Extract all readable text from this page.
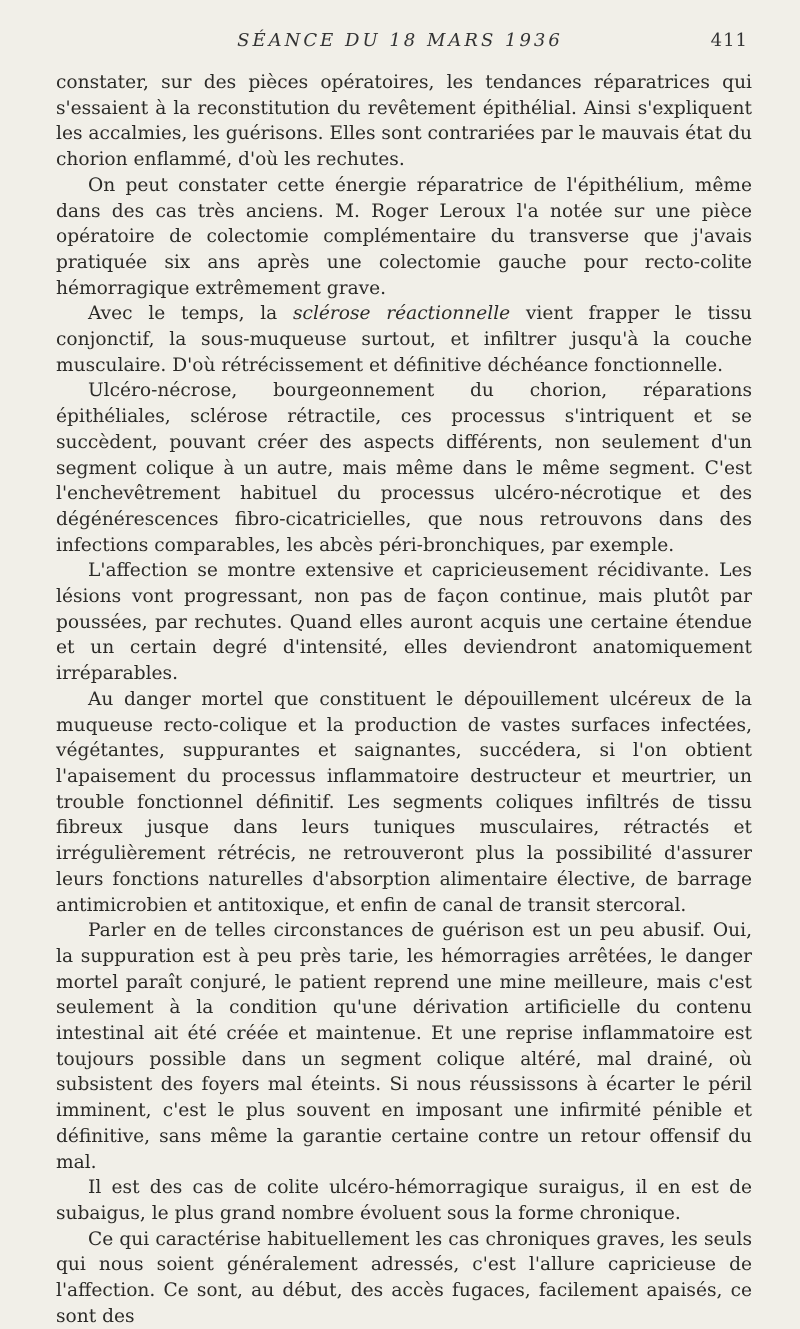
SÉANCE DU 18 MARS 1936	411

constater, sur des pièces opératoires, les tendances réparatrices qui s'essaient à la reconstitution du revêtement épithélial. Ainsi s'expliquent les accalmies, les guérisons. Elles sont contrariées par le mauvais état du chorion enflammé, d'où les rechutes.

On peut constater cette énergie réparatrice de l'épithélium, même dans des cas très anciens. M. Roger Leroux l'a notée sur une pièce opératoire de colectomie complémentaire du transverse que j'avais pratiquée six ans après une colectomie gauche pour recto-colite hémorragique extrêmement grave.

Avec le temps, la sclérose réactionnelle vient frapper le tissu conjonctif, la sous-muqueuse surtout, et infiltrer jusqu'à la couche musculaire. D'où rétrécissement et définitive déchéance fonctionnelle.

Ulcéro-nécrose, bourgeonnement du chorion, réparations épithéliales, sclérose rétractile, ces processus s'intriquent et se succèdent, pouvant créer des aspects différents, non seulement d'un segment colique à un autre, mais même dans le même segment. C'est l'enchevêtrement habituel du processus ulcéro-nécrotique et des dégénérescences fibro-cicatricielles, que nous retrouvons dans des infections comparables, les abcès péri-bronchiques, par exemple.

L'affection se montre extensive et capricieusement récidivante. Les lésions vont progressant, non pas de façon continue, mais plutôt par poussées, par rechutes. Quand elles auront acquis une certaine étendue et un certain degré d'intensité, elles deviendront anatomiquement irréparables.

Au danger mortel que constituent le dépouillement ulcéreux de la muqueuse recto-colique et la production de vastes surfaces infectées, végétantes, suppurantes et saignantes, succédera, si l'on obtient l'apaisement du processus inflammatoire destructeur et meurtrier, un trouble fonctionnel définitif. Les segments coliques infiltrés de tissu fibreux jusque dans leurs tuniques musculaires, rétractés et irrégulièrement rétrécis, ne retrouveront plus la possibilité d'assurer leurs fonctions naturelles d'absorption alimentaire élective, de barrage antimicrobien et antitoxique, et enfin de canal de transit stercoral.

Parler en de telles circonstances de guérison est un peu abusif. Oui, la suppuration est à peu près tarie, les hémorragies arrêtées, le danger mortel paraît conjuré, le patient reprend une mine meilleure, mais c'est seulement à la condition qu'une dérivation artificielle du contenu intestinal ait été créée et maintenue. Et une reprise inflammatoire est toujours possible dans un segment colique altéré, mal drainé, où subsistent des foyers mal éteints. Si nous réussissons à écarter le péril imminent, c'est le plus souvent en imposant une infirmité pénible et définitive, sans même la garantie certaine contre un retour offensif du mal.

Il est des cas de colite ulcéro-hémorragique suraigus, il en est de subaigus, le plus grand nombre évoluent sous la forme chronique.

Ce qui caractérise habituellement les cas chroniques graves, les seuls qui nous soient généralement adressés, c'est l'allure capricieuse de l'affection. Ce sont, au début, des accès fugaces, facilement apaisés, ce sont des
